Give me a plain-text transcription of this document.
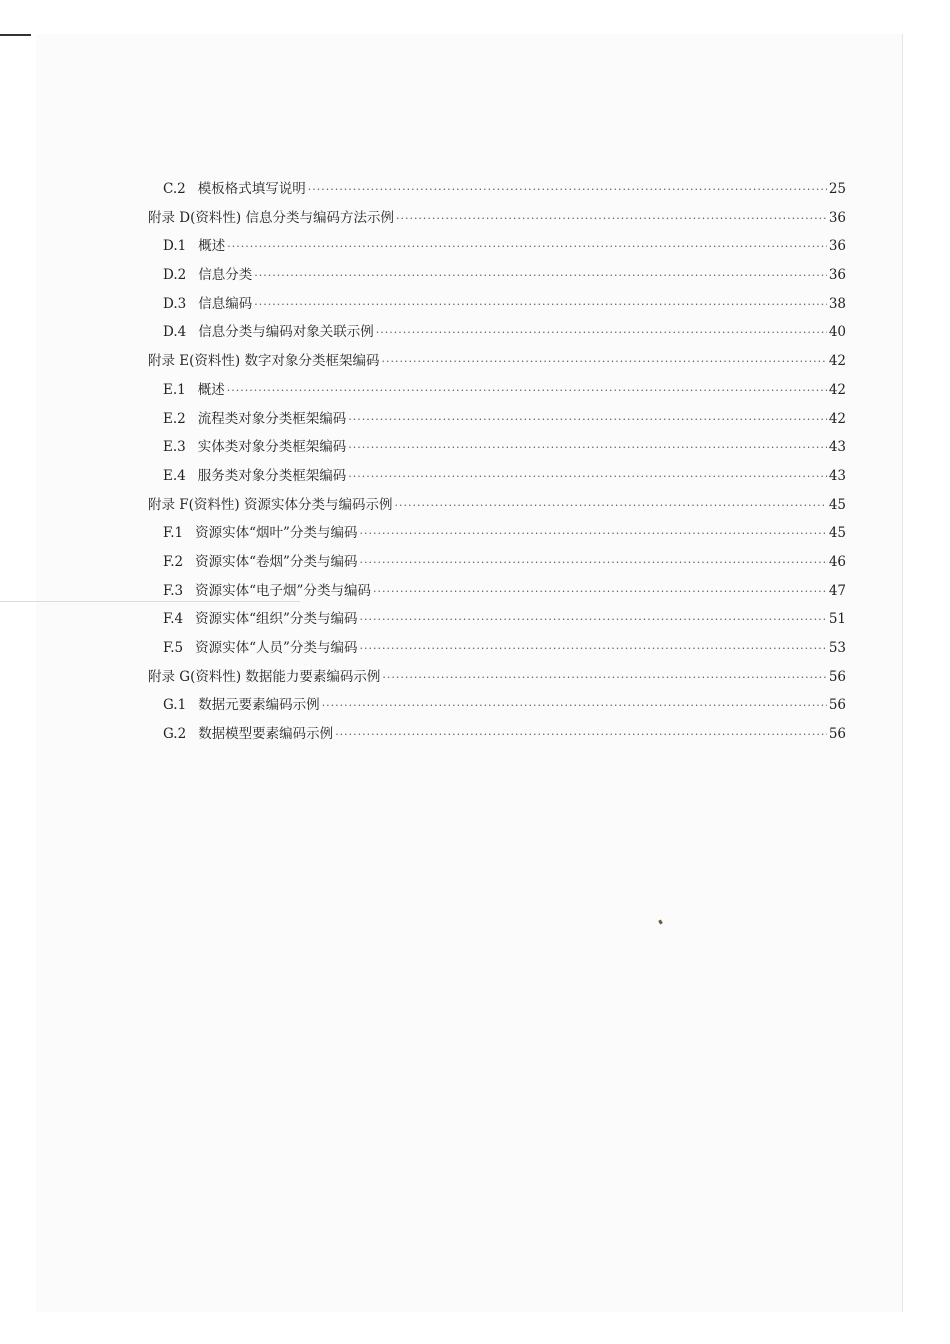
C.2 模板格式填写说明 ·····	25
附录 D(资料性) 信息分类与编码方法示例 ·····	36
D.1 概述 ·····	36
D.2 信息分类 ·····	36
D.3 信息编码 ·····	38
D.4 信息分类与编码对象关联示例 ·····	40
附录 E(资料性) 数字对象分类框架编码 ·····	42
E.1 概述 ·····	42
E.2 流程类对象分类框架编码 ·····	42
E.3 实体类对象分类框架编码 ·····	43
E.4 服务类对象分类框架编码 ·····	43
附录 F(资料性) 资源实体分类与编码示例 ·····	45
F.1 资源实体“烟叶”分类与编码 ·····	45
F.2 资源实体“卷烟”分类与编码 ·····	46
F.3 资源实体“电子烟”分类与编码 ·····	47
F.4 资源实体“组织”分类与编码 ·····	51
F.5 资源实体“人员”分类与编码 ·····	53
附录 G(资料性) 数据能力要素编码示例 ·····	56
G.1 数据元要素编码示例 ·····	56
G.2 数据模型要素编码示例 ·····	56
